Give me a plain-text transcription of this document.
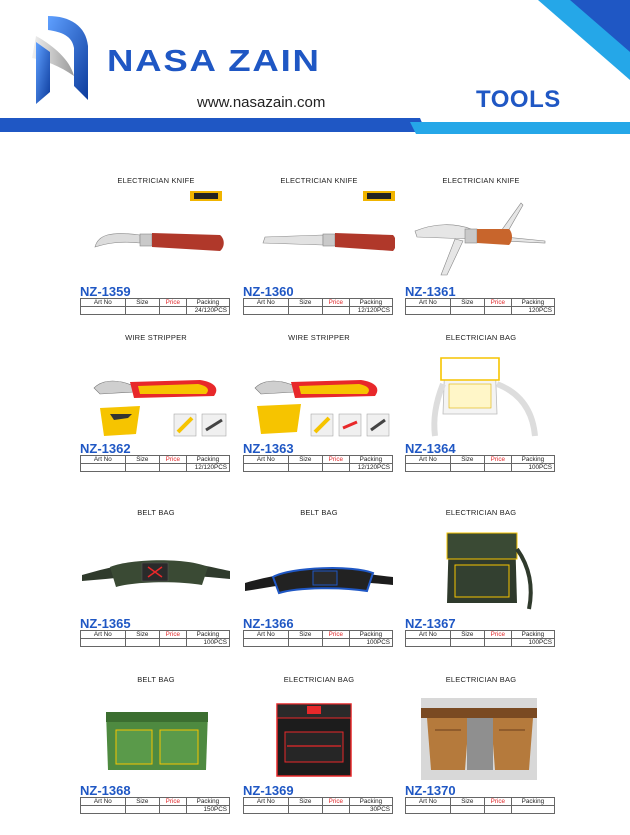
NASA ZAIN
www.nasazain.com	TOOLS
ELECTRICIAN KNIFE
NZ-1359
Art No	Size	Price	Packing
			24/120PCS
ELECTRICIAN KNIFE
NZ-1360
Art No	Size	Price	Packing
			12/120PCS
ELECTRICIAN KNIFE
NZ-1361
Art No	Size	Price	Packing
			120PCS
WIRE STRIPPER
NZ-1362
Art No	Size	Price	Packing
			12/120PCS
WIRE STRIPPER
NZ-1363
Art No	Size	Price	Packing
			12/120PCS
ELECTRICIAN BAG
NZ-1364
Art No	Size	Price	Packing
			100PCS
BELT BAG
NZ-1365
Art No	Size	Price	Packing
			100PCS
BELT BAG
NZ-1366
Art No	Size	Price	Packing
			100PCS
ELECTRICIAN BAG
NZ-1367
Art No	Size	Price	Packing
			100PCS
BELT BAG
NZ-1368
Art No	Size	Price	Packing
			150PCS
ELECTRICIAN BAG
NZ-1369
Art No	Size	Price	Packing
			30PCS
ELECTRICIAN BAG
NZ-1370
Art No	Size	Price	Packing
